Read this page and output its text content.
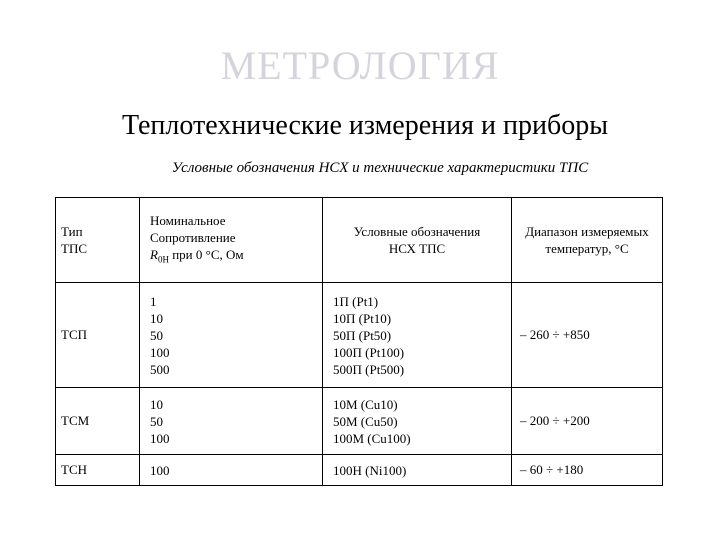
МЕТРОЛОГИЯ
Теплотехнические измерения и приборы
Условные обозначения НСХ и технические характеристики ТПС
Тип
ТПС	Номинальное
Сопротивление
$R_{0Н}$ при 0 °С, Ом	Условные обозначения
НСХ ТПС	Диапазон измеряемых
температур, °С

ТСП	1
10
50
100
500	1П (Pt1)
10П (Pt10)
50П (Pt50)
100П (Pt100)
500П (Pt500)	– 260 ÷ +850
ТСМ	10
50
100	10М (Cu10)
50М (Cu50)
100М (Cu100)	– 200 ÷ +200
ТСН	100	100Н (Ni100)	– 60 ÷ +180
